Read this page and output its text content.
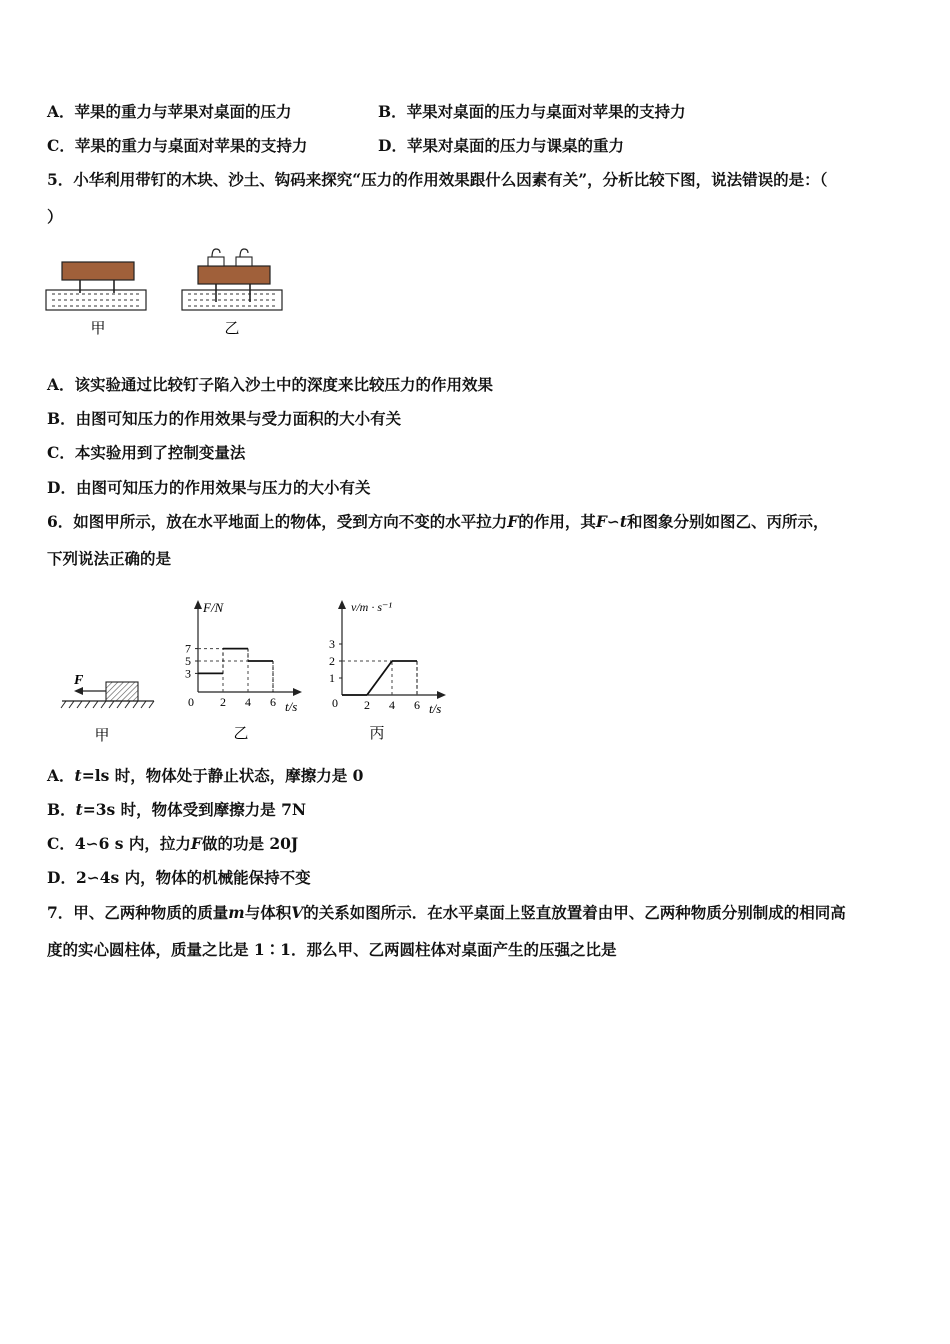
A．苹果的重力与苹果对桌面的压力	B．苹果对桌面的压力与桌面对苹果的支持力
C．苹果的重力与桌面对苹果的支持力	D．苹果对桌面的压力与课桌的重力
5．小华利用带钉的木块、沙土、钩码来探究“压力的作用效果跟什么因素有关”，分析比较下图，说法错误的是：（
）
甲	乙
A．该实验通过比较钉子陷入沙土中的深度来比较压力的作用效果
B．由图可知压力的作用效果与受力面积的大小有关
C．本实验用到了控制变量法
D．由图可知压力的作用效果与压力的大小有关
6．如图甲所示，放在水平地面上的物体，受到方向不变的水平拉力F的作用，其F∽t和图象分别如图乙、丙所示，
下列说法正确的是
F
甲
F/N
t/s
0
3
5
7
2 4 6
乙
v/m · s⁻¹
t/s
0
1
2
3
2 4 6
丙
A．t=ls 时，物体处于静止状态，摩擦力是 0
B．t=3s 时，物体受到摩擦力是 7N
C．4∽6 s 内，拉力F做的功是 20J
D．2∽4s 内，物体的机械能保持不变
7．甲、乙两种物质的质量m与体积V的关系如图所示．在水平桌面上竖直放置着由甲、乙两种物质分别制成的相同高
度的实心圆柱体，质量之比是 1∶1．那么甲、乙两圆柱体对桌面产生的压强之比是
